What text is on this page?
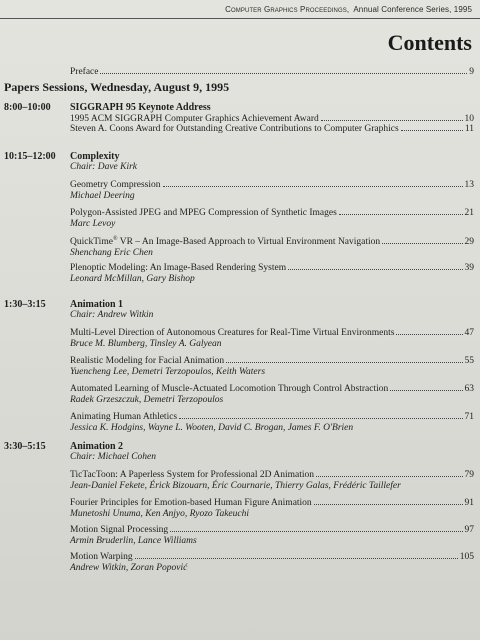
Computer Graphics Proceedings, Annual Conference Series, 1995
Contents
Preface	9
Papers Sessions, Wednesday, August 9, 1995
8:00–10:00 SIGGRAPH 95 Keynote Address
1995 ACM SIGGRAPH Computer Graphics Achievement Award	10
Steven A. Coons Award for Outstanding Creative Contributions to Computer Graphics	11
10:15–12:00 Complexity
Chair: Dave Kirk
Geometry Compression	13
Michael Deering
Polygon-Assisted JPEG and MPEG Compression of Synthetic Images	21
Marc Levoy
QuickTime® VR – An Image-Based Approach to Virtual Environment Navigation	29
Shenchang Eric Chen
Plenoptic Modeling: An Image-Based Rendering System	39
Leonard McMillan, Gary Bishop
1:30–3:15 Animation 1
Chair: Andrew Witkin
Multi-Level Direction of Autonomous Creatures for Real-Time Virtual Environments	47
Bruce M. Blumberg, Tinsley A. Galyean
Realistic Modeling for Facial Animation	55
Yuencheng Lee, Demetri Terzopoulos, Keith Waters
Automated Learning of Muscle-Actuated Locomotion Through Control Abstraction	63
Radek Grzeszczuk, Demetri Terzopoulos
Animating Human Athletics	71
Jessica K. Hodgins, Wayne L. Wooten, David C. Brogan, James F. O'Brien
3:30–5:15 Animation 2
Chair: Michael Cohen
TicTacToon: A Paperless System for Professional 2D Animation	79
Jean-Daniel Fekete, Érick Bizouarn, Éric Cournarie, Thierry Galas, Frédéric Taillefer
Fourier Principles for Emotion-based Human Figure Animation	91
Munetoshi Unuma, Ken Anjyo, Ryozo Takeuchi
Motion Signal Processing	97
Armin Bruderlin, Lance Williams
Motion Warping	105
Andrew Witkin, Zoran Popović
